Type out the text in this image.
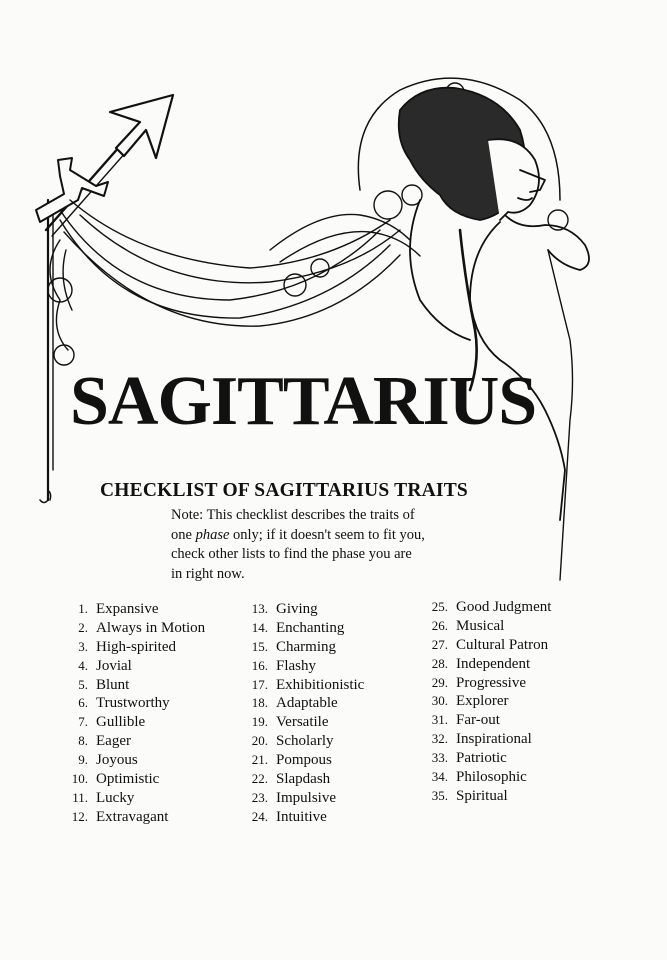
SAGITTARIUS
CHECKLIST OF SAGITTARIUS TRAITS
Note: This checklist describes the traits of
one phase only; if it doesn't seem to fit you,
check other lists to find the phase you are
in right now.
1. Expansive
2. Always in Motion
3. High-spirited
4. Jovial
5. Blunt
6. Trustworthy
7. Gullible
8. Eager
9. Joyous
10. Optimistic
11. Lucky
12. Extravagant
13. Giving
14. Enchanting
15. Charming
16. Flashy
17. Exhibitionistic
18. Adaptable
19. Versatile
20. Scholarly
21. Pompous
22. Slapdash
23. Impulsive
24. Intuitive
25. Good Judgment
26. Musical
27. Cultural Patron
28. Independent
29. Progressive
30. Explorer
31. Far-out
32. Inspirational
33. Patriotic
34. Philosophic
35. Spiritual
